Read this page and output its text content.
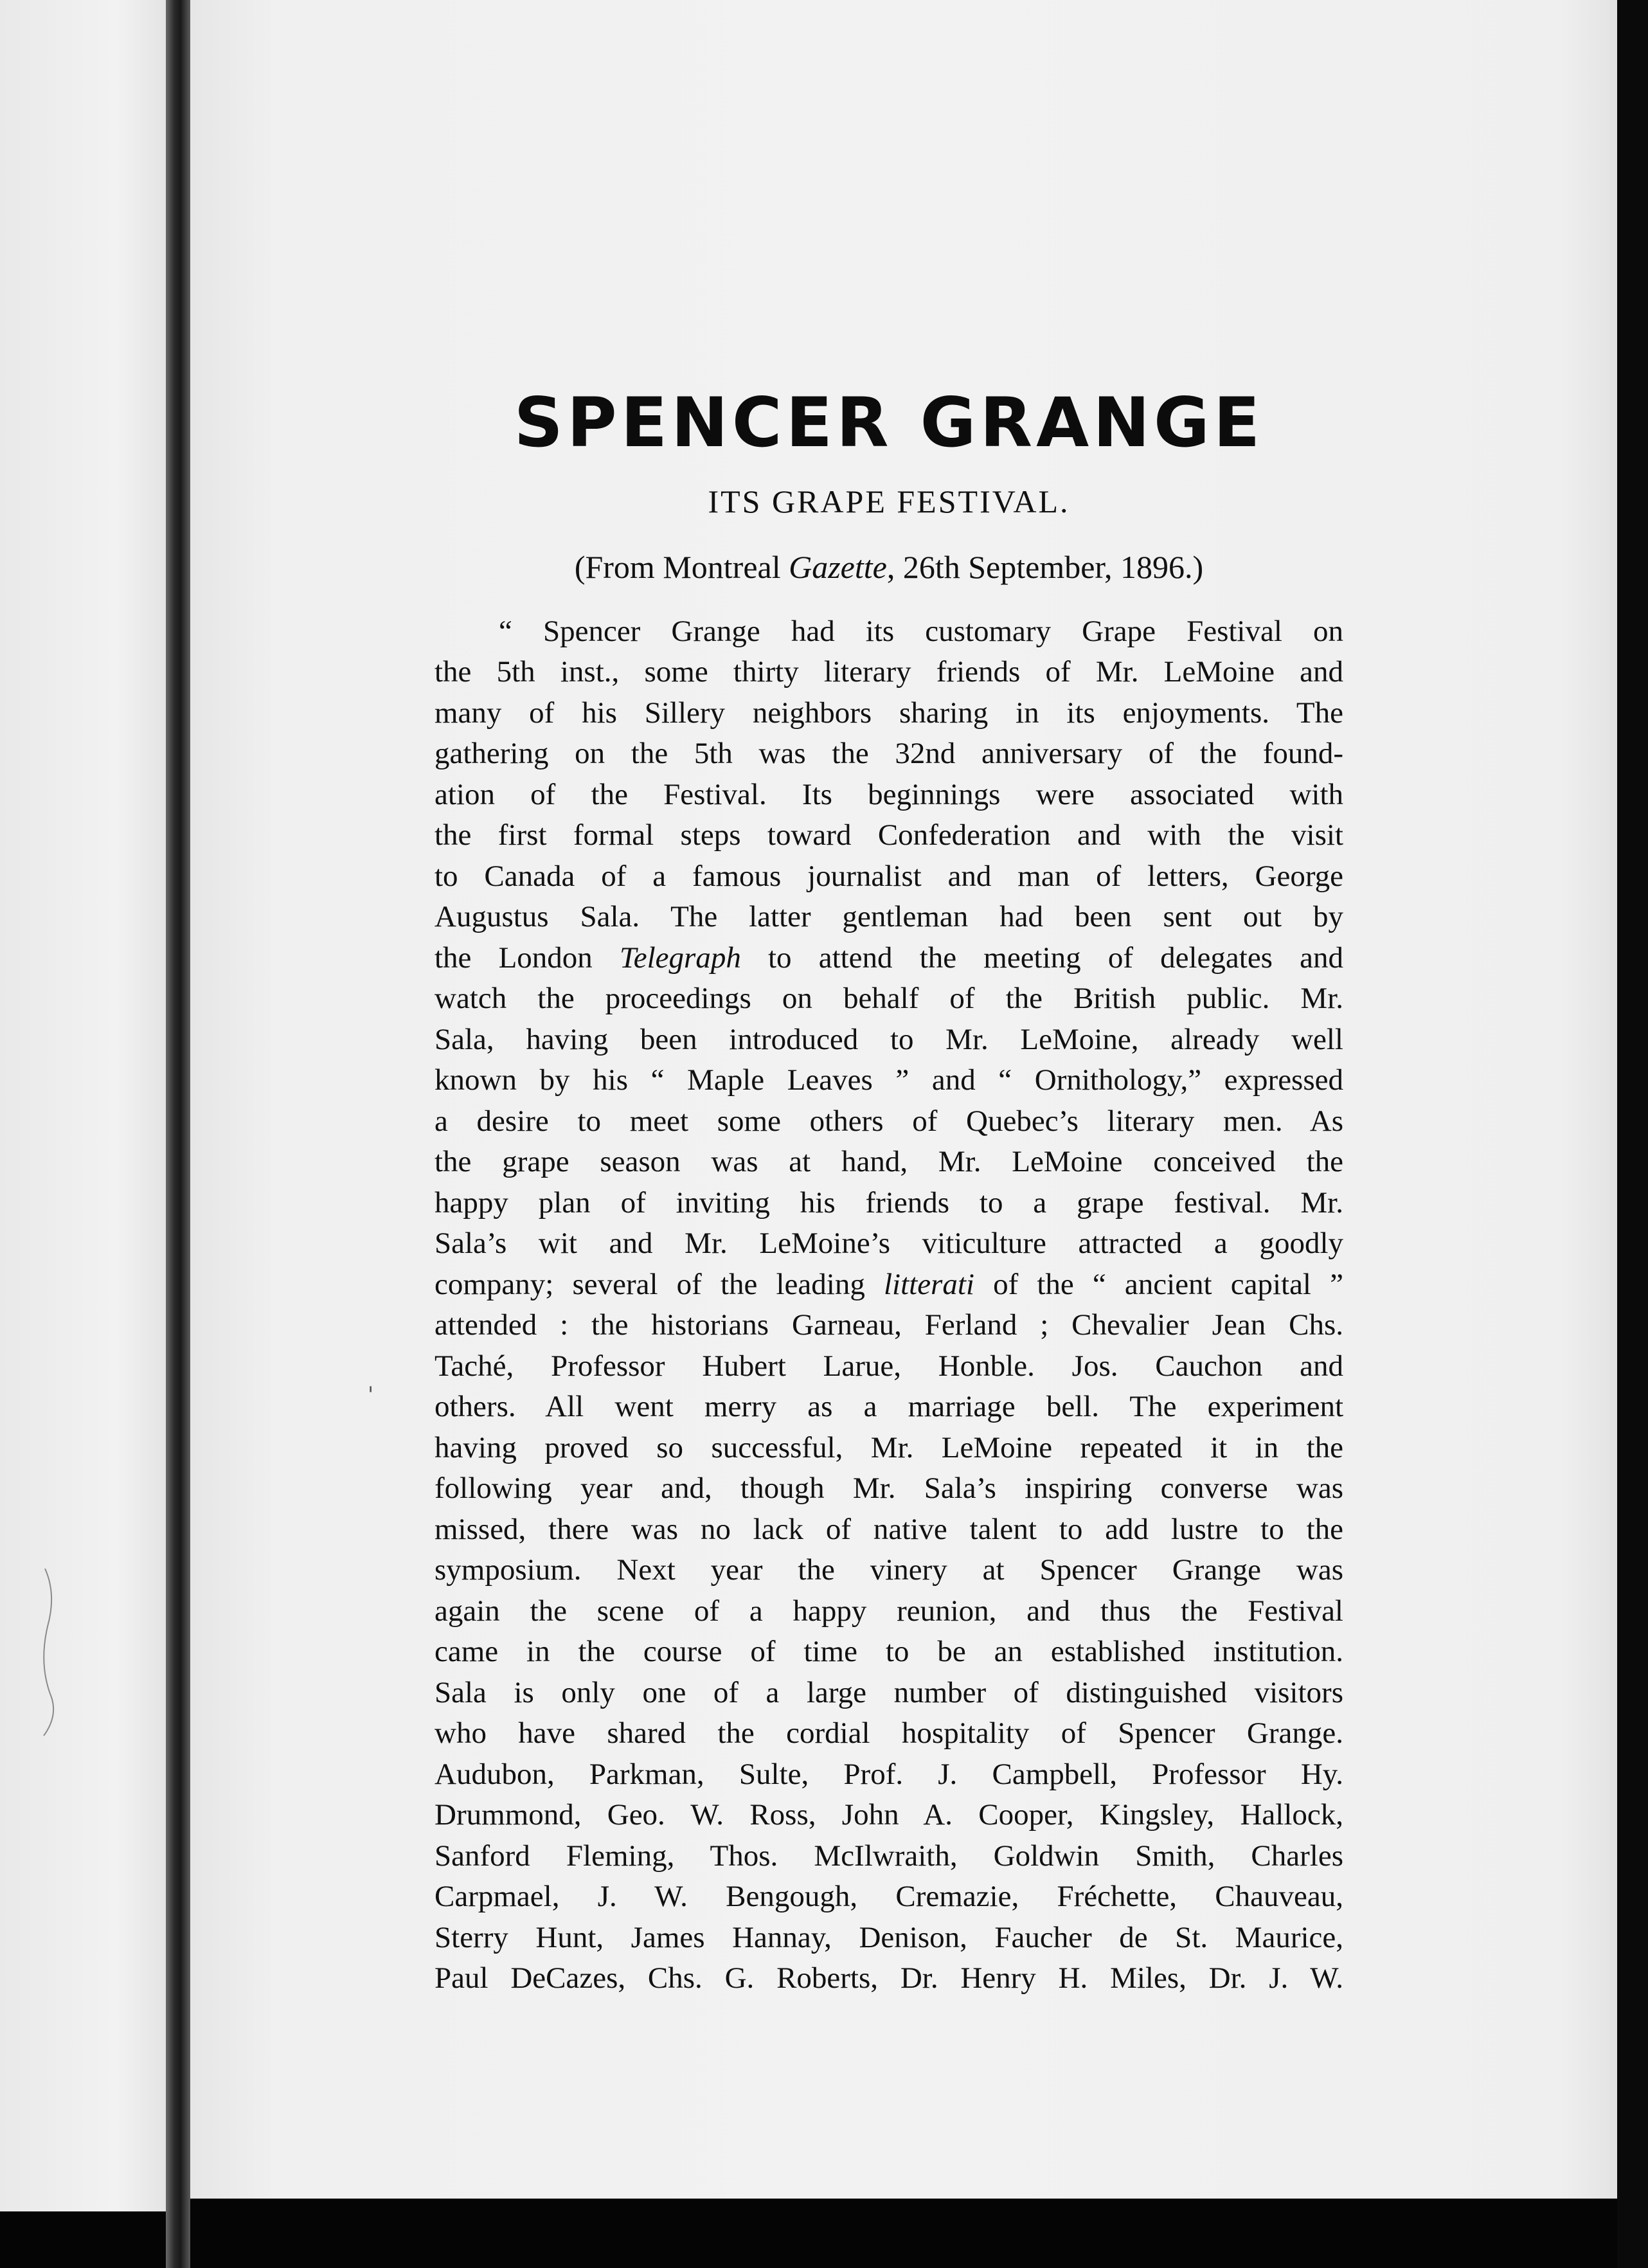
'
SPENCER GRANGE
ITS GRAPE FESTIVAL.
(From Montreal Gazette, 26th September, 1896.)
“ Spencer Grange had its customary Grape Festival on
the 5th inst., some thirty literary friends of Mr. LeMoine and
many of his Sillery neighbors sharing in its enjoyments. The
gathering on the 5th was the 32nd anniversary of the found-
ation of the Festival. Its beginnings were associated with
the first formal steps toward Confederation and with the visit
to Canada of a famous journalist and man of letters, George
Augustus Sala. The latter gentleman had been sent out by
the London Telegraph to attend the meeting of delegates and
watch the proceedings on behalf of the British public. Mr.
Sala, having been introduced to Mr. LeMoine, already well
known by his “ Maple Leaves ” and “ Ornithology,” expressed
a desire to meet some others of Quebec’s literary men. As
the grape season was at hand, Mr. LeMoine conceived the
happy plan of inviting his friends to a grape festival. Mr.
Sala’s wit and Mr. LeMoine’s viticulture attracted a goodly
company; several of the leading litterati of the “ ancient capital ”
attended : the historians Garneau, Ferland ; Chevalier Jean Chs.
Taché, Professor Hubert Larue, Honble. Jos. Cauchon and
others. All went merry as a marriage bell. The experiment
having proved so successful, Mr. LeMoine repeated it in the
following year and, though Mr. Sala’s inspiring converse was
missed, there was no lack of native talent to add lustre to the
symposium. Next year the vinery at Spencer Grange was
again the scene of a happy reunion, and thus the Festival
came in the course of time to be an established institution.
Sala is only one of a large number of distinguished visitors
who have shared the cordial hospitality of Spencer Grange.
Audubon, Parkman, Sulte, Prof. J. Campbell, Professor Hy.
Drummond, Geo. W. Ross, John A. Cooper, Kingsley, Hallock,
Sanford Fleming, Thos. McIlwraith, Goldwin Smith, Charles
Carpmael, J. W. Bengough, Cremazie, Fréchette, Chauveau,
Sterry Hunt, James Hannay, Denison, Faucher de St. Maurice,
Paul DeCazes, Chs. G. Roberts, Dr. Henry H. Miles, Dr. J. W.
